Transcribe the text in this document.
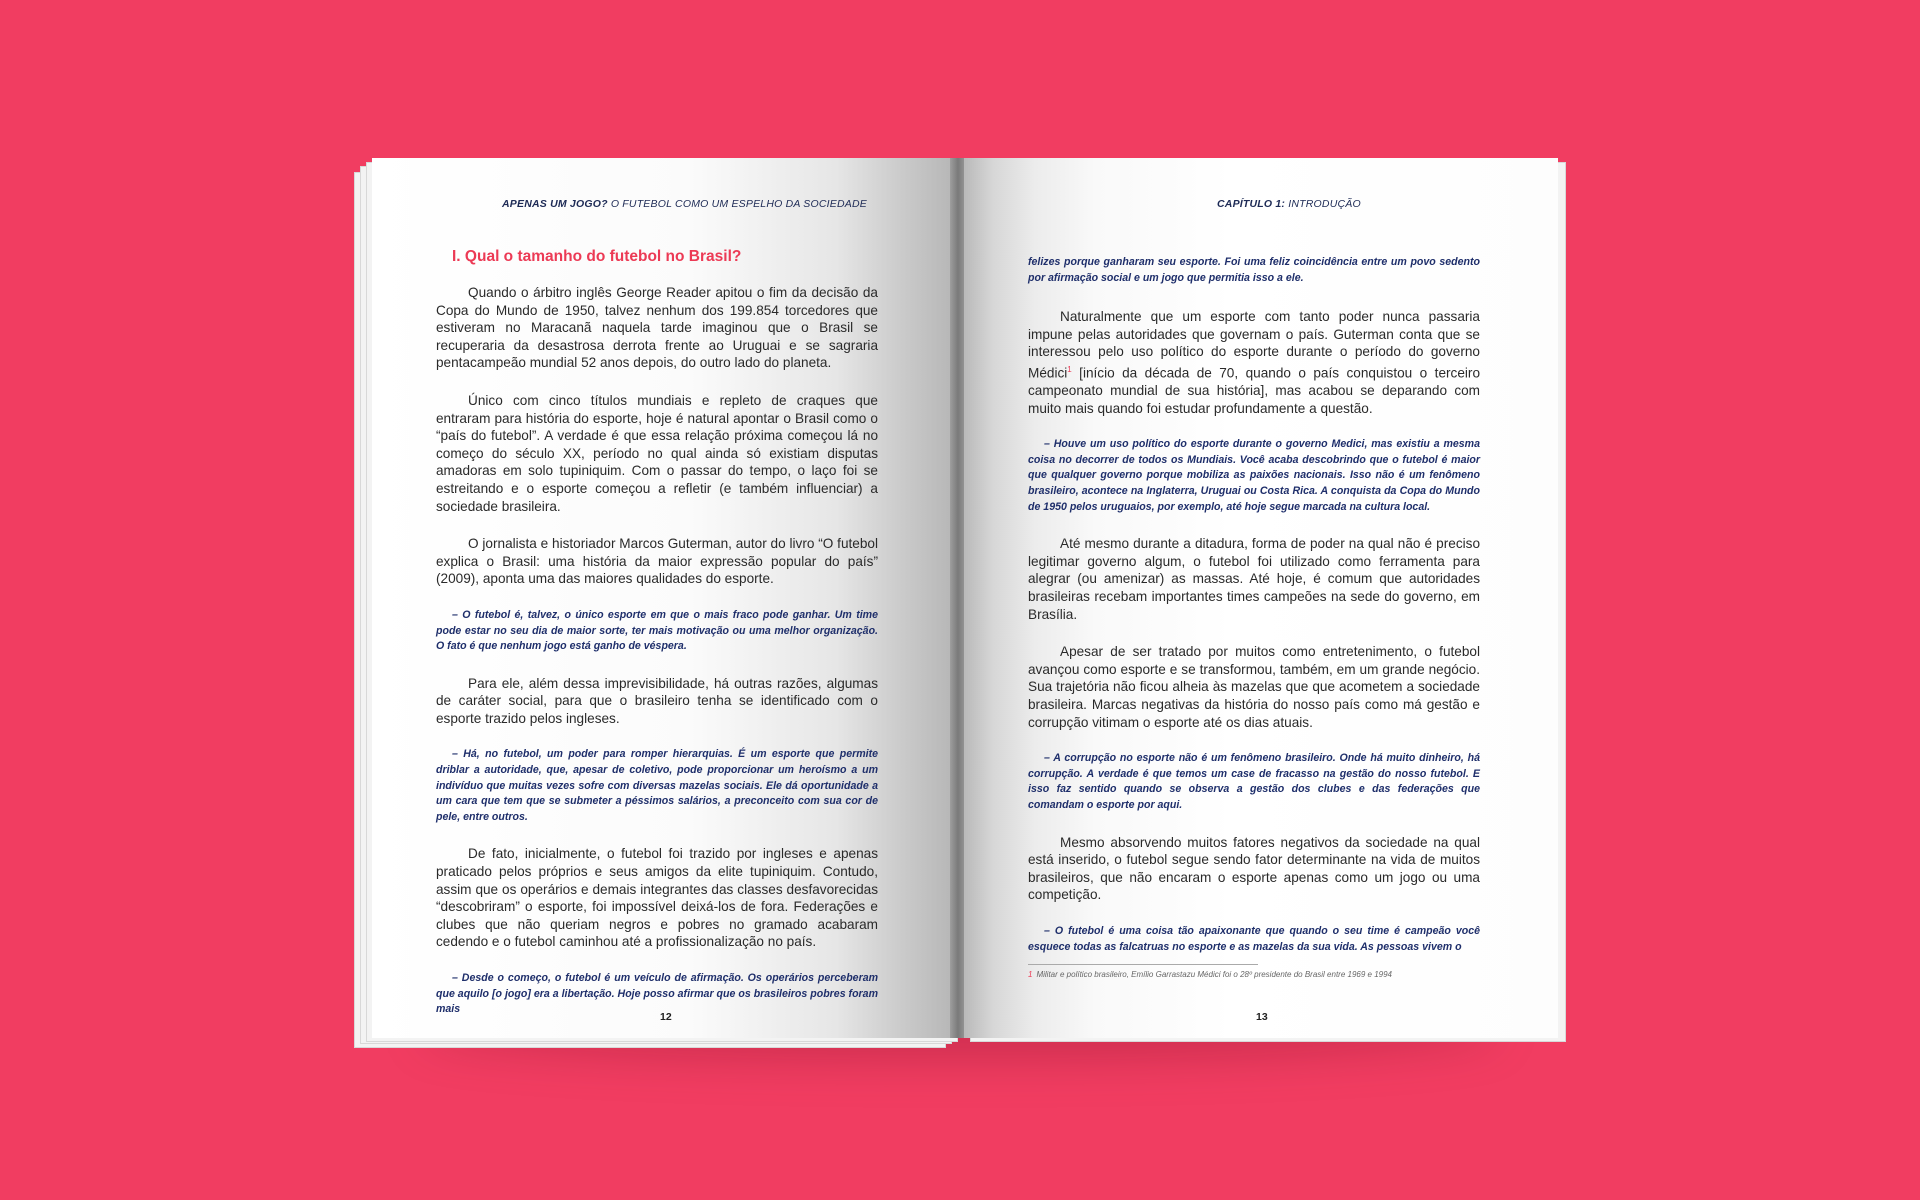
APENAS UM JOGO? O FUTEBOL COMO UM ESPELHO DA SOCIEDADE
I. Qual o tamanho do futebol no Brasil?

Quando o árbitro inglês George Reader apitou o fim da decisão da Copa do Mundo de 1950, talvez nenhum dos 199.854 torcedores que estiveram no Maracanã naquela tarde imaginou que o Brasil se recuperaria da desastrosa derrota frente ao Uruguai e se sagraria pentacampeão mundial 52 anos depois, do outro lado do planeta.

Único com cinco títulos mundiais e repleto de craques que entraram para história do esporte, hoje é natural apontar o Brasil como o “país do futebol”. A verdade é que essa relação próxima começou lá no começo do século XX, período no qual ainda só existiam disputas amadoras em solo tupiniquim. Com o passar do tempo, o laço foi se estreitando e o esporte começou a refletir (e também influenciar) a sociedade brasileira.

O jornalista e historiador Marcos Guterman, autor do livro “O futebol explica o Brasil: uma história da maior expressão popular do país” (2009), aponta uma das maiores qualidades do esporte.

– O futebol é, talvez, o único esporte em que o mais fraco pode ganhar. Um time pode estar no seu dia de maior sorte, ter mais motivação ou uma melhor organização. O fato é que nenhum jogo está ganho de véspera.

Para ele, além dessa imprevisibilidade, há outras razões, algumas de caráter social, para que o brasileiro tenha se identificado com o esporte trazido pelos ingleses.

– Há, no futebol, um poder para romper hierarquias. É um esporte que permite driblar a autoridade, que, apesar de coletivo, pode proporcionar um heroísmo a um indivíduo que muitas vezes sofre com diversas mazelas sociais. Ele dá oportunidade a um cara que tem que se submeter a péssimos salários, a preconceito com sua cor de pele, entre outros.

De fato, inicialmente, o futebol foi trazido por ingleses e apenas praticado pelos próprios e seus amigos da elite tupiniquim. Contudo, assim que os operários e demais integrantes das classes desfavorecidas “descobriram” o esporte, foi impossível deixá-los de fora. Federações e clubes que não queriam negros e pobres no gramado acabaram cedendo e o futebol caminhou até a profissionalização no país.

– Desde o começo, o futebol é um veículo de afirmação. Os operários perceberam que aquilo [o jogo] era a libertação. Hoje posso afirmar que os brasileiros pobres foram mais

12
CAPÍTULO 1: INTRODUÇÃO

felizes porque ganharam seu esporte. Foi uma feliz coincidência entre um povo sedento por afirmação social e um jogo que permitia isso a ele.

Naturalmente que um esporte com tanto poder nunca passaria impune pelas autoridades que governam o país. Guterman conta que se interessou pelo uso político do esporte durante o período do governo Médici$^1$ [início da década de 70, quando o país conquistou o terceiro campeonato mundial de sua história], mas acabou se deparando com muito mais quando foi estudar profundamente a questão.

– Houve um uso político do esporte durante o governo Medici, mas existiu a mesma coisa no decorrer de todos os Mundiais. Você acaba descobrindo que o futebol é maior que qualquer governo porque mobiliza as paixões nacionais. Isso não é um fenômeno brasileiro, acontece na Inglaterra, Uruguai ou Costa Rica. A conquista da Copa do Mundo de 1950 pelos uruguaios, por exemplo, até hoje segue marcada na cultura local.

Até mesmo durante a ditadura, forma de poder na qual não é preciso legitimar governo algum, o futebol foi utilizado como ferramenta para alegrar (ou amenizar) as massas. Até hoje, é comum que autoridades brasileiras recebam importantes times campeões na sede do governo, em Brasília.

Apesar de ser tratado por muitos como entretenimento, o futebol avançou como esporte e se transformou, também, em um grande negócio. Sua trajetória não ficou alheia às mazelas que que acometem a sociedade brasileira. Marcas negativas da história do nosso país como má gestão e corrupção vitimam o esporte até os dias atuais.

– A corrupção no esporte não é um fenômeno brasileiro. Onde há muito dinheiro, há corrupção. A verdade é que temos um case de fracasso na gestão do nosso futebol. E isso faz sentido quando se observa a gestão dos clubes e das federações que comandam o esporte por aqui.

Mesmo absorvendo muitos fatores negativos da sociedade na qual está inserido, o futebol segue sendo fator determinante na vida de muitos brasileiros, que não encaram o esporte apenas como um jogo ou uma competição.

– O futebol é uma coisa tão apaixonante que quando o seu time é campeão você esquece todas as falcatruas no esporte e as mazelas da sua vida. As pessoas vivem o

1 Militar e político brasileiro, Emílio Garrastazu Médici foi o 28º presidente do Brasil entre 1969 e 1994
13
